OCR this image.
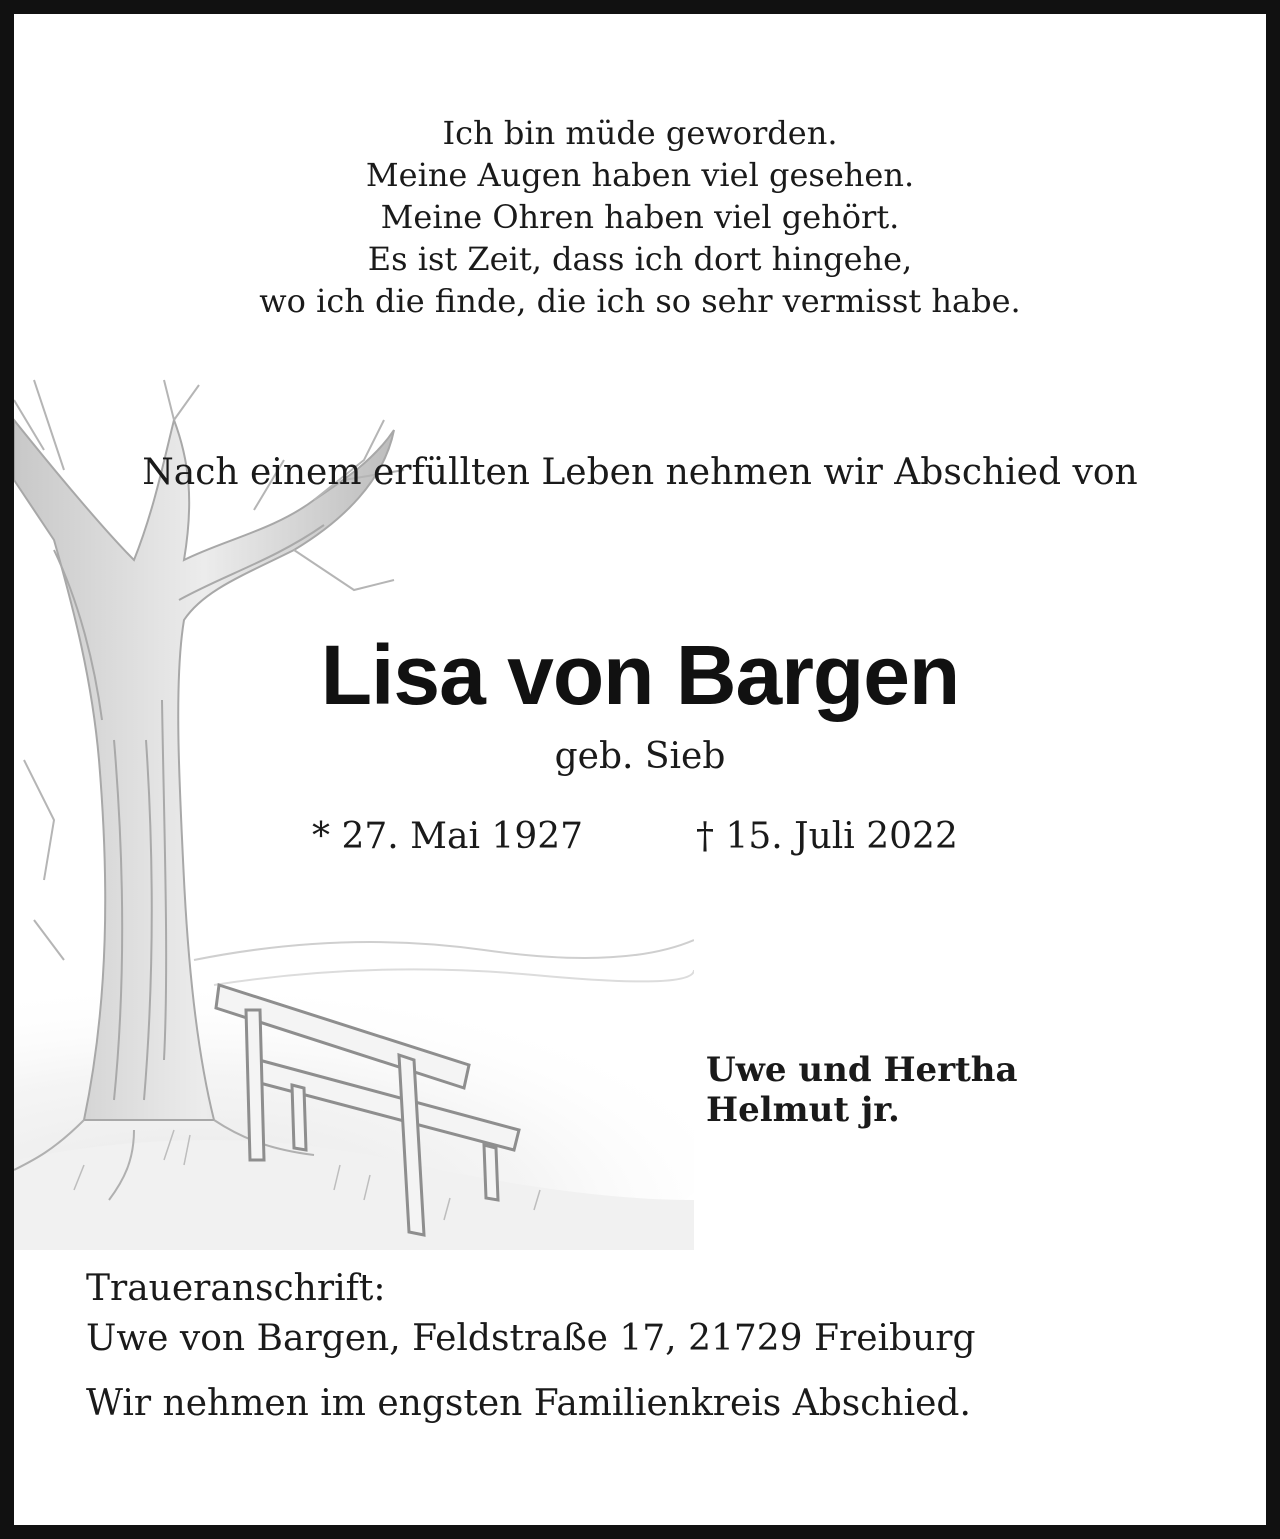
Ich bin müde geworden.
Meine Augen haben viel gesehen.
Meine Ohren haben viel gehört.
Es ist Zeit, dass ich dort hingehe,
wo ich die finde, die ich so sehr vermisst habe.
Nach einem erfüllten Leben nehmen wir Abschied von
Lisa von Bargen
geb. Sieb
* 27. Mai 1927	† 15. Juli 2022
Uwe und Hertha
Helmut jr.
Traueranschrift:
Uwe von Bargen, Feldstraße 17, 21729 Freiburg
Wir nehmen im engsten Familienkreis Abschied.
